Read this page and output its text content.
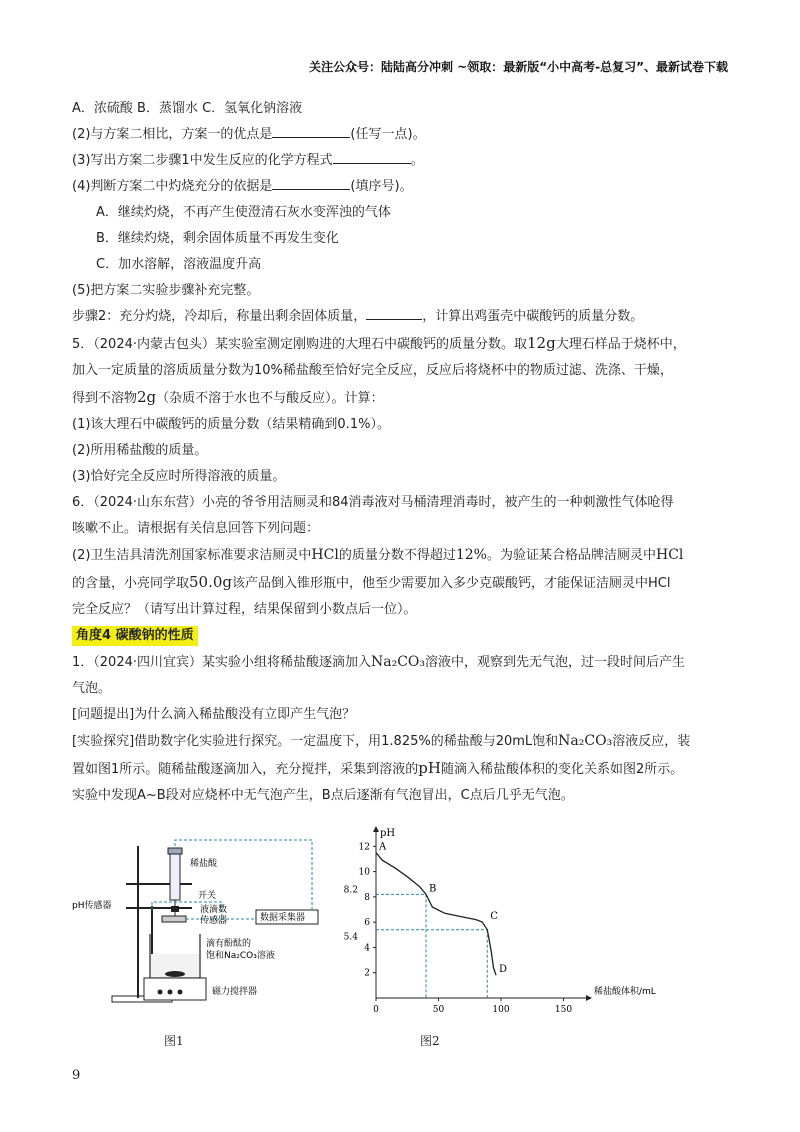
关注公众号：陆陆高分冲刺 ~领取：最新版“小中高考-总复习”、最新试卷下载
A．浓硫酸 B．蒸馏水 C．氢氧化钠溶液
(2)与方案二相比，方案一的优点是	(任写一点)。
(3)写出方案二步骤1中发生反应的化学方程式	。
(4)判断方案二中灼烧充分的依据是	(填序号)。
A．继续灼烧，不再产生使澄清石灰水变浑浊的气体
B．继续灼烧，剩余固体质量不再发生变化
C．加水溶解，溶液温度升高
(5)把方案二实验步骤补充完整。
步骤2：充分灼烧，冷却后，称量出剩余固体质量，	，计算出鸡蛋壳中碳酸钙的质量分数。
5．（2024·内蒙古包头）某实验室测定刚购进的大理石中碳酸钙的质量分数。取12g大理石样品于烧杯中，
加入一定质量的溶质质量分数为10%稀盐酸至恰好完全反应，反应后将烧杯中的物质过滤、洗涤、干燥，
得到不溶物2g（杂质不溶于水也不与酸反应）。计算：
(1)该大理石中碳酸钙的质量分数（结果精确到0.1%）。
(2)所用稀盐酸的质量。
(3)恰好完全反应时所得溶液的质量。
6．（2024·山东东营）小亮的爷爷用洁厕灵和84消毒液对马桶清理消毒时，被产生的一种刺激性气体呛得
咳嗽不止。请根据有关信息回答下列问题：
(2)卫生洁具清洗剂国家标准要求洁厕灵中HCl的质量分数不得超过12%。为验证某合格品牌洁厕灵中HCl
的含量，小亮同学取50.0g该产品倒入锥形瓶中，他至少需要加入多少克碳酸钙，才能保证洁厕灵中HCl
完全反应？（请写出计算过程，结果保留到小数点后一位）。
角度4 碳酸钠的性质
1．（2024·四川宜宾）某实验小组将稀盐酸逐滴加入Na₂CO₃溶液中，观察到先无气泡，过一段时间后产生
气泡。
[问题提出]为什么滴入稀盐酸没有立即产生气泡？
[实验探究]借助数字化实验进行探究。一定温度下，用1.825%的稀盐酸与20mL饱和Na₂CO₃溶液反应，装
置如图1所示。随稀盐酸逐滴加入，充分搅拌，采集到溶液的pH随滴入稀盐酸体积的变化关系如图2所示。
实验中发现A~B段对应烧杯中无气泡产生，B点后逐渐有气泡冒出，C点后几乎无气泡。
数据采集器
稀盐酸
开关
液滴数
传感器
pH传感器
滴有酚酞的
饱和Na₂CO₃溶液
磁力搅拌器
图1
0	50	100	150
2
4
6
8
10
12
8.2
5.4
A
B
C
D
pH
稀盐酸体积/mL
图2
9
